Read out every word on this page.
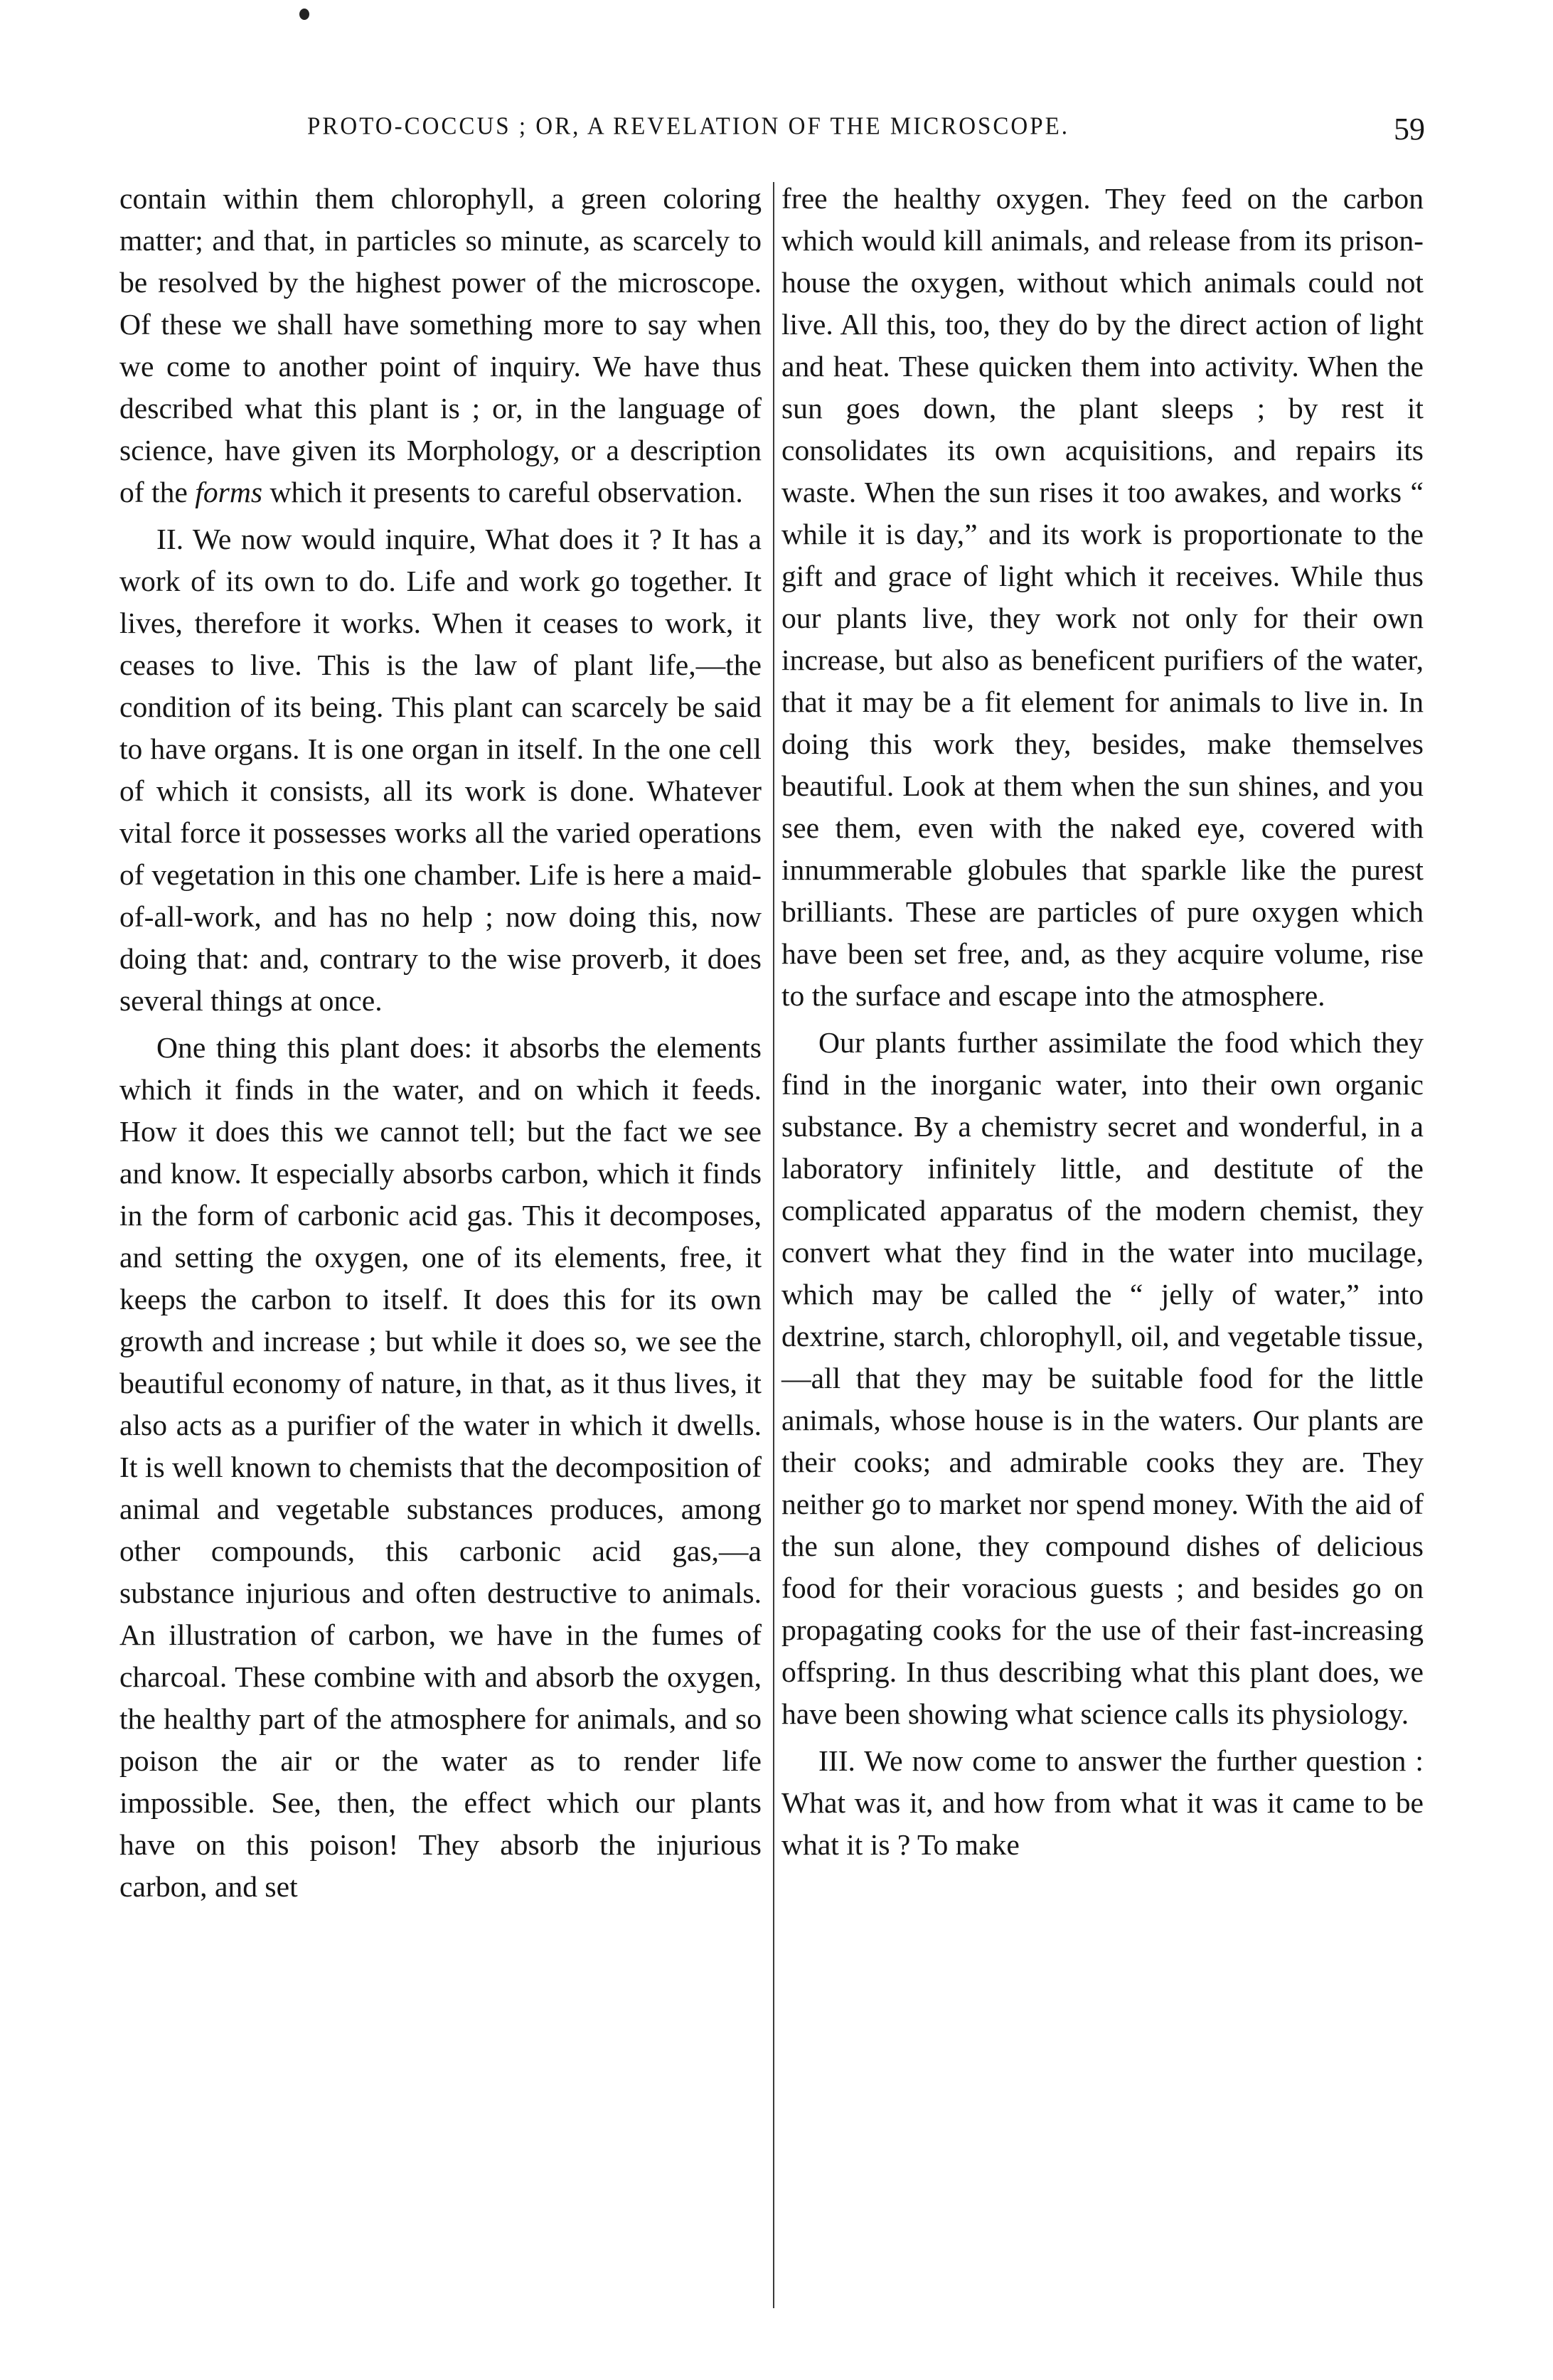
PROTO-COCCUS ; OR, A REVELATION OF THE MICROSCOPE.	59

contain within them chlorophyll, a green coloring matter; and that, in particles so minute, as scarcely to be resolved by the highest power of the microscope. Of these we shall have something more to say when we come to another point of inquiry. We have thus described what this plant is ; or, in the language of science, have given its Morphology, or a description of the forms which it presents to careful observation.

II. We now would inquire, What does it ? It has a work of its own to do. Life and work go together. It lives, therefore it works. When it ceases to work, it ceases to live. This is the law of plant life,—the condition of its being. This plant can scarcely be said to have organs. It is one organ in itself. In the one cell of which it consists, all its work is done. Whatever vital force it possesses works all the varied operations of vegetation in this one chamber. Life is here a maid-of-all-work, and has no help ; now doing this, now doing that: and, contrary to the wise proverb, it does several things at once.

One thing this plant does: it absorbs the elements which it finds in the water, and on which it feeds. How it does this we cannot tell; but the fact we see and know. It especially absorbs carbon, which it finds in the form of carbonic acid gas. This it decomposes, and setting the oxygen, one of its elements, free, it keeps the carbon to itself. It does this for its own growth and increase ; but while it does so, we see the beautiful economy of nature, in that, as it thus lives, it also acts as a purifier of the water in which it dwells. It is well known to chemists that the decomposition of animal and vegetable substances produces, among other compounds, this carbonic acid gas,—a substance injurious and often destructive to animals. An illustration of carbon, we have in the fumes of charcoal. These combine with and absorb the oxygen, the healthy part of the atmosphere for animals, and so poison the air or the water as to render life impossible. See, then, the effect which our plants have on this poison! They absorb the injurious carbon, and set

free the healthy oxygen. They feed on the carbon which would kill animals, and release from its prison-house the oxygen, without which animals could not live. All this, too, they do by the direct action of light and heat. These quicken them into activity. When the sun goes down, the plant sleeps ; by rest it consolidates its own acquisitions, and repairs its waste. When the sun rises it too awakes, and works “ while it is day,” and its work is proportionate to the gift and grace of light which it receives. While thus our plants live, they work not only for their own increase, but also as beneficent purifiers of the water, that it may be a fit element for animals to live in. In doing this work they, besides, make themselves beautiful. Look at them when the sun shines, and you see them, even with the naked eye, covered with innummerable globules that sparkle like the purest brilliants. These are particles of pure oxygen which have been set free, and, as they acquire volume, rise to the surface and escape into the atmosphere.

Our plants further assimilate the food which they find in the inorganic water, into their own organic substance. By a chemistry secret and wonderful, in a laboratory infinitely little, and destitute of the complicated apparatus of the modern chemist, they convert what they find in the water into mucilage, which may be called the “ jelly of water,” into dextrine, starch, chlorophyll, oil, and vegetable tissue,—all that they may be suitable food for the little animals, whose house is in the waters. Our plants are their cooks; and admirable cooks they are. They neither go to market nor spend money. With the aid of the sun alone, they compound dishes of delicious food for their voracious guests ; and besides go on propagating cooks for the use of their fast-increasing offspring. In thus describing what this plant does, we have been showing what science calls its physiology.

III. We now come to answer the further question : What was it, and how from what it was it came to be what it is ? To make
